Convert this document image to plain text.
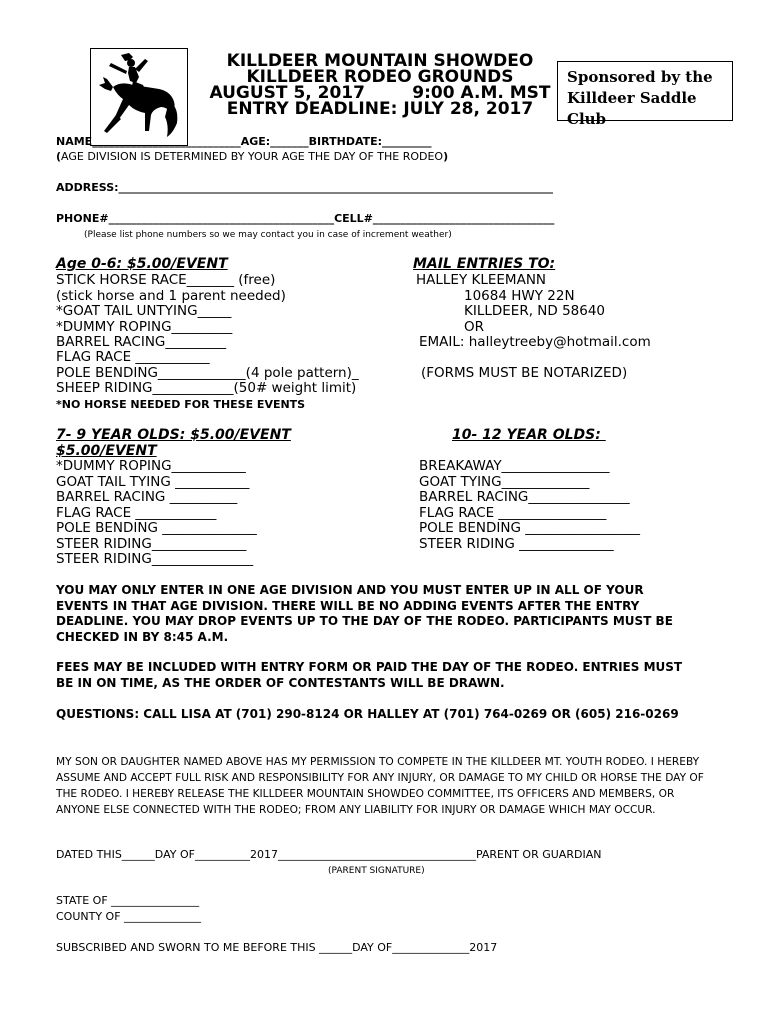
KILLDEER MOUNTAIN SHOWDEO
KILLDEER RODEO GROUNDS
AUGUST 5, 2017        9:00 A.M. MST
ENTRY DEADLINE: JULY 28, 2017
Sponsored by the
Killdeer Saddle Club
NAME___________________________AGE:_______BIRTHDATE:_________
(AGE DIVISION IS DETERMINED BY YOUR AGE THE DAY OF THE RODEO)
ADDRESS:_______________________________________________________________________________
PHONE#_________________________________________CELL#_________________________________
(Please list phone numbers so we may contact you in case of increment weather)
Age 0-6: $5.00/EVENT
STICK HORSE RACE_______ (free)
(stick horse and 1 parent needed)
*GOAT TAIL UNTYING_____
*DUMMY ROPING_________
BARREL RACING_________
FLAG RACE ___________
POLE BENDING_____________(4 pole pattern)_
SHEEP RIDING____________(50# weight limit)
*NO HORSE NEEDED FOR THESE EVENTS
MAIL ENTRIES TO:
HALLEY KLEEMANN
10684 HWY 22N
KILLDEER, ND 58640
OR
EMAIL: halleytreeby@hotmail.com
(FORMS MUST BE NOTARIZED)
7- 9 YEAR OLDS: $5.00/EVENT
$5.00/EVENT
*DUMMY ROPING___________
GOAT TAIL TYING ___________
BARREL RACING __________
FLAG RACE ____________
POLE BENDING ______________
STEER RIDING______________
STEER RIDING_______________
10- 12 YEAR OLDS:
BREAKAWAY________________
GOAT TYING_____________
BARREL RACING_______________
FLAG RACE ________________
POLE BENDING _________________
STEER RIDING ______________
YOU MAY ONLY ENTER IN ONE AGE DIVISION AND YOU MUST ENTER UP IN ALL OF YOUR EVENTS IN THAT AGE DIVISION. THERE WILL BE NO ADDING EVENTS AFTER THE ENTRY DEADLINE. YOU MAY DROP EVENTS UP TO THE DAY OF THE RODEO. PARTICIPANTS MUST BE CHECKED IN BY 8:45 A.M.
FEES MAY BE INCLUDED WITH ENTRY FORM OR PAID THE DAY OF THE RODEO. ENTRIES MUST BE IN ON TIME, AS THE ORDER OF CONTESTANTS WILL BE DRAWN.
QUESTIONS: CALL LISA AT (701) 290-8124 OR HALLEY AT (701) 764-0269 OR (605) 216-0269
MY SON OR DAUGHTER NAMED ABOVE HAS MY PERMISSION TO COMPETE IN THE KILLDEER MT. YOUTH RODEO. I HEREBY ASSUME AND ACCEPT FULL RISK AND RESPONSIBILITY FOR ANY INJURY, OR DAMAGE TO MY CHILD OR HORSE THE DAY OF THE RODEO. I HEREBY RELEASE THE KILLDEER MOUNTAIN SHOWDEO COMMITTEE, ITS OFFICERS AND MEMBERS, OR ANYONE ELSE CONNECTED WITH THE RODEO; FROM ANY LIABILITY FOR INJURY OR DAMAGE WHICH MAY OCCUR.
DATED THIS______DAY OF__________2017____________________________________PARENT OR GUARDIAN
(PARENT SIGNATURE)
STATE OF ________________
COUNTY OF ______________
SUBSCRIBED AND SWORN TO ME BEFORE THIS ______DAY OF______________2017
